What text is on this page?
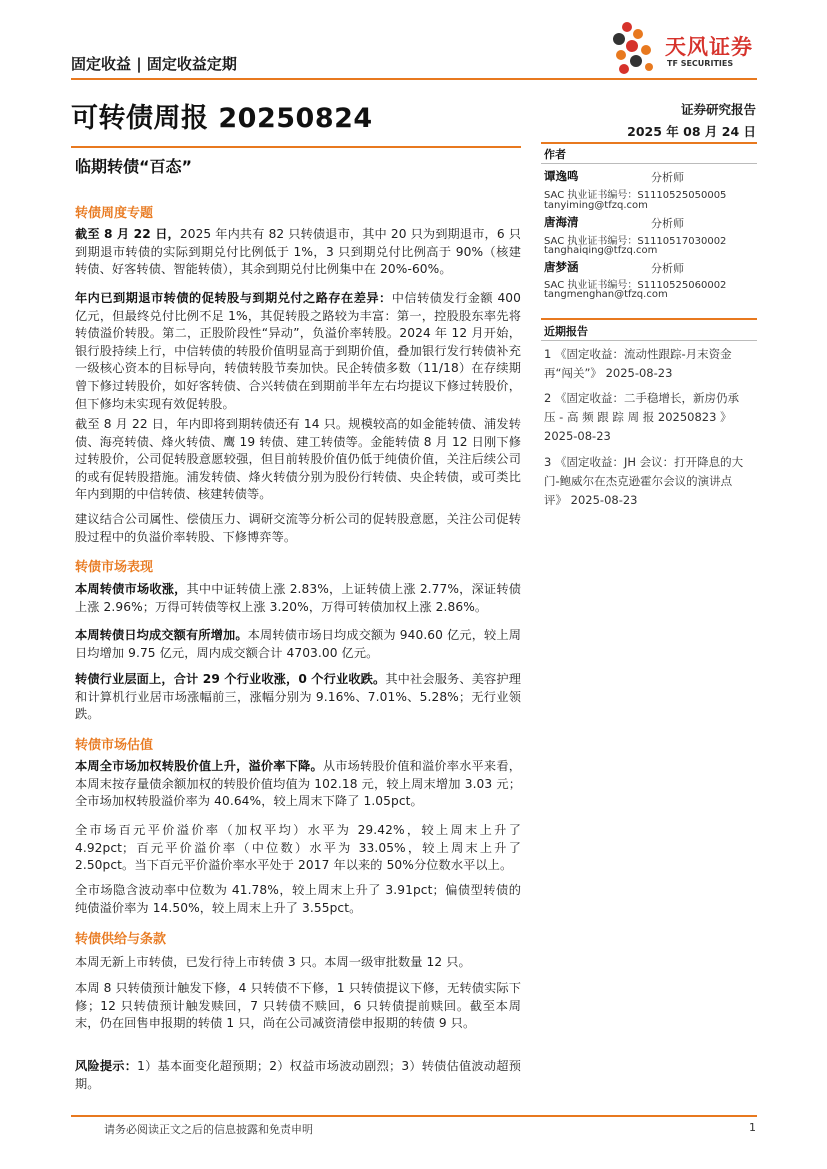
固定收益 | 固定收益定期
天风证券
TF SECURITIES
可转债周报 20250824	证券研究报告
2025 年 08 月 24 日
临期转债“百态”
作者
谭逸鸣	分析师
SAC 执业证书编号：S1110525050005
tanyiming@tfzq.com
唐海清	分析师
SAC 执业证书编号：S1110517030002
tanghaiqing@tfzq.com
唐梦涵	分析师
SAC 执业证书编号：S1110525060002
tangmenghan@tfzq.com
近期报告
1 《固定收益：流动性跟踪-月末资金
再“闯关”》 2025-08-23
2 《固定收益：二手稳增长，新房仍承
压 - 高 频 跟 踪 周 报 20250823 》
2025-08-23
3 《固定收益：JH 会议：打开降息的大
门-鲍威尔在杰克逊霍尔会议的演讲点
评》 2025-08-23
转债周度专题
截至 8 月 22 日，2025 年内共有 82 只转债退市，其中 20 只为到期退市，6 只到期退市转债的实际到期兑付比例低于 1%，3 只到期兑付比例高于 90%（核建转债、好客转债、智能转债），其余到期兑付比例集中在 20%-60%。
年内已到期退市转债的促转股与到期兑付之路存在差异：中信转债发行金额 400 亿元，但最终兑付比例不足 1%，其促转股之路较为丰富：第一，控股股东率先将转债溢价转股。第二，正股阶段性“异动”，负溢价率转股。2024 年 12 月开始，银行股持续上行，中信转债的转股价值明显高于到期价值，叠加银行发行转债补充一级核心资本的目标导向，转债转股节奏加快。民企转债多数（11/18）在存续期曾下修过转股价，如好客转债、合兴转债在到期前半年左右均提议下修过转股价，但下修均未实现有效促转股。
截至 8 月 22 日，年内即将到期转债还有 14 只。规模较高的如金能转债、浦发转债、海亮转债、烽火转债、鹰 19 转债、建工转债等。金能转债 8 月 12 日刚下修过转股价，公司促转股意愿较强，但目前转股价值仍低于纯债价值，关注后续公司的或有促转股措施。浦发转债、烽火转债分别为股份行转债、央企转债，或可类比年内到期的中信转债、核建转债等。
建议结合公司属性、偿债压力、调研交流等分析公司的促转股意愿，关注公司促转股过程中的负溢价率转股、下修博弈等。
转债市场表现
本周转债市场收涨，其中中证转债上涨 2.83%，上证转债上涨 2.77%，深证转债上涨 2.96%；万得可转债等权上涨 3.20%，万得可转债加权上涨 2.86%。
本周转债日均成交额有所增加。本周转债市场日均成交额为 940.60 亿元，较上周日均增加 9.75 亿元，周内成交额合计 4703.00 亿元。
转债行业层面上，合计 29 个行业收涨，0 个行业收跌。其中社会服务、美容护理和计算机行业居市场涨幅前三，涨幅分别为 9.16%、7.01%、5.28%；无行业领跌。
转债市场估值
本周全市场加权转股价值上升，溢价率下降。从市场转股价值和溢价率水平来看，本周末按存量债余额加权的转股价值均值为 102.18 元，较上周末增加 3.03 元；全市场加权转股溢价率为 40.64%，较上周末下降了 1.05pct。
全市场百元平价溢价率（加权平均）水平为 29.42%，较上周末上升了 4.92pct；百元平价溢价率（中位数）水平为 33.05%，较上周末上升了 2.50pct。当下百元平价溢价率水平处于 2017 年以来的 50%分位数水平以上。
全市场隐含波动率中位数为 41.78%，较上周末上升了 3.91pct；偏债型转债的纯债溢价率为 14.50%，较上周末上升了 3.55pct。
转债供给与条款
本周无新上市转债，已发行待上市转债 3 只。本周一级审批数量 12 只。
本周 8 只转债预计触发下修，4 只转债不下修，1 只转债提议下修，无转债实际下修；12 只转债预计触发赎回，7 只转债不赎回，6 只转债提前赎回。截至本周末，仍在回售申报期的转债 1 只，尚在公司减资清偿申报期的转债 9 只。
风险提示：1）基本面变化超预期；2）权益市场波动剧烈；3）转债估值波动超预期。
请务必阅读正文之后的信息披露和免责申明	1
